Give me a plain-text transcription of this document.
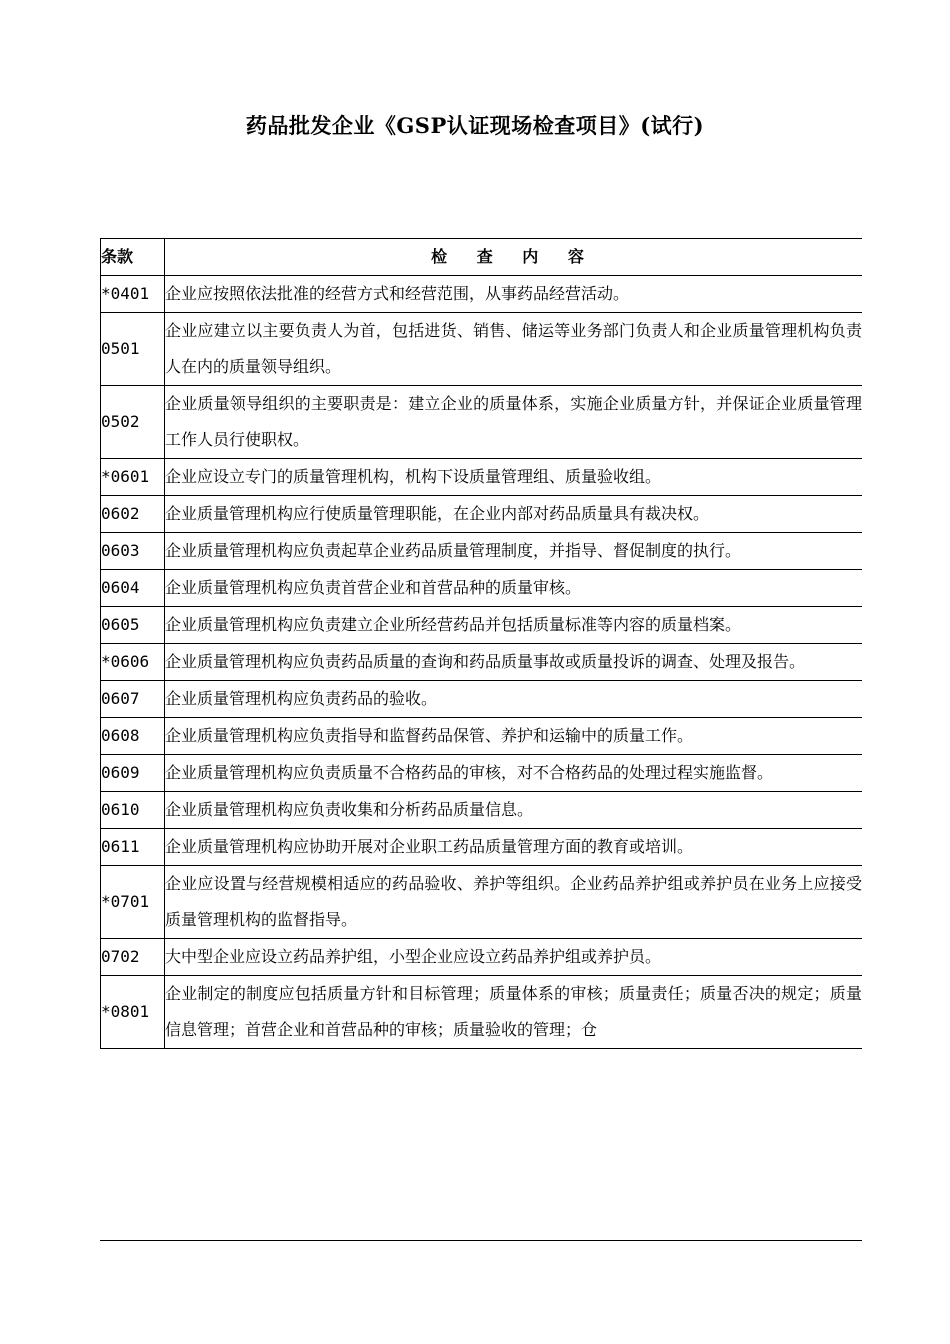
药品批发企业《GSP认证现场检查项目》(试行)
条款	检 查 内 容
*0401	企业应按照依法批准的经营方式和经营范围，从事药品经营活动。
0501	企业应建立以主要负责人为首，包括进货、销售、储运等业务部门负责人和企业质量管理机构负责人在内的质量领导组织。
0502	企业质量领导组织的主要职责是：建立企业的质量体系，实施企业质量方针，并保证企业质量管理工作人员行使职权。
*0601	企业应设立专门的质量管理机构，机构下设质量管理组、质量验收组。
0602	企业质量管理机构应行使质量管理职能，在企业内部对药品质量具有裁决权。
0603	企业质量管理机构应负责起草企业药品质量管理制度，并指导、督促制度的执行。
0604	企业质量管理机构应负责首营企业和首营品种的质量审核。
0605	企业质量管理机构应负责建立企业所经营药品并包括质量标准等内容的质量档案。
*0606	企业质量管理机构应负责药品质量的查询和药品质量事故或质量投诉的调查、处理及报告。
0607	企业质量管理机构应负责药品的验收。
0608	企业质量管理机构应负责指导和监督药品保管、养护和运输中的质量工作。
0609	企业质量管理机构应负责质量不合格药品的审核，对不合格药品的处理过程实施监督。
0610	企业质量管理机构应负责收集和分析药品质量信息。
0611	企业质量管理机构应协助开展对企业职工药品质量管理方面的教育或培训。
*0701	企业应设置与经营规模相适应的药品验收、养护等组织。企业药品养护组或养护员在业务上应接受质量管理机构的监督指导。
0702	大中型企业应设立药品养护组，小型企业应设立药品养护组或养护员。
*0801	企业制定的制度应包括质量方针和目标管理；质量体系的审核；质量责任；质量否决的规定；质量信息管理；首营企业和首营品种的审核；质量验收的管理；仓
